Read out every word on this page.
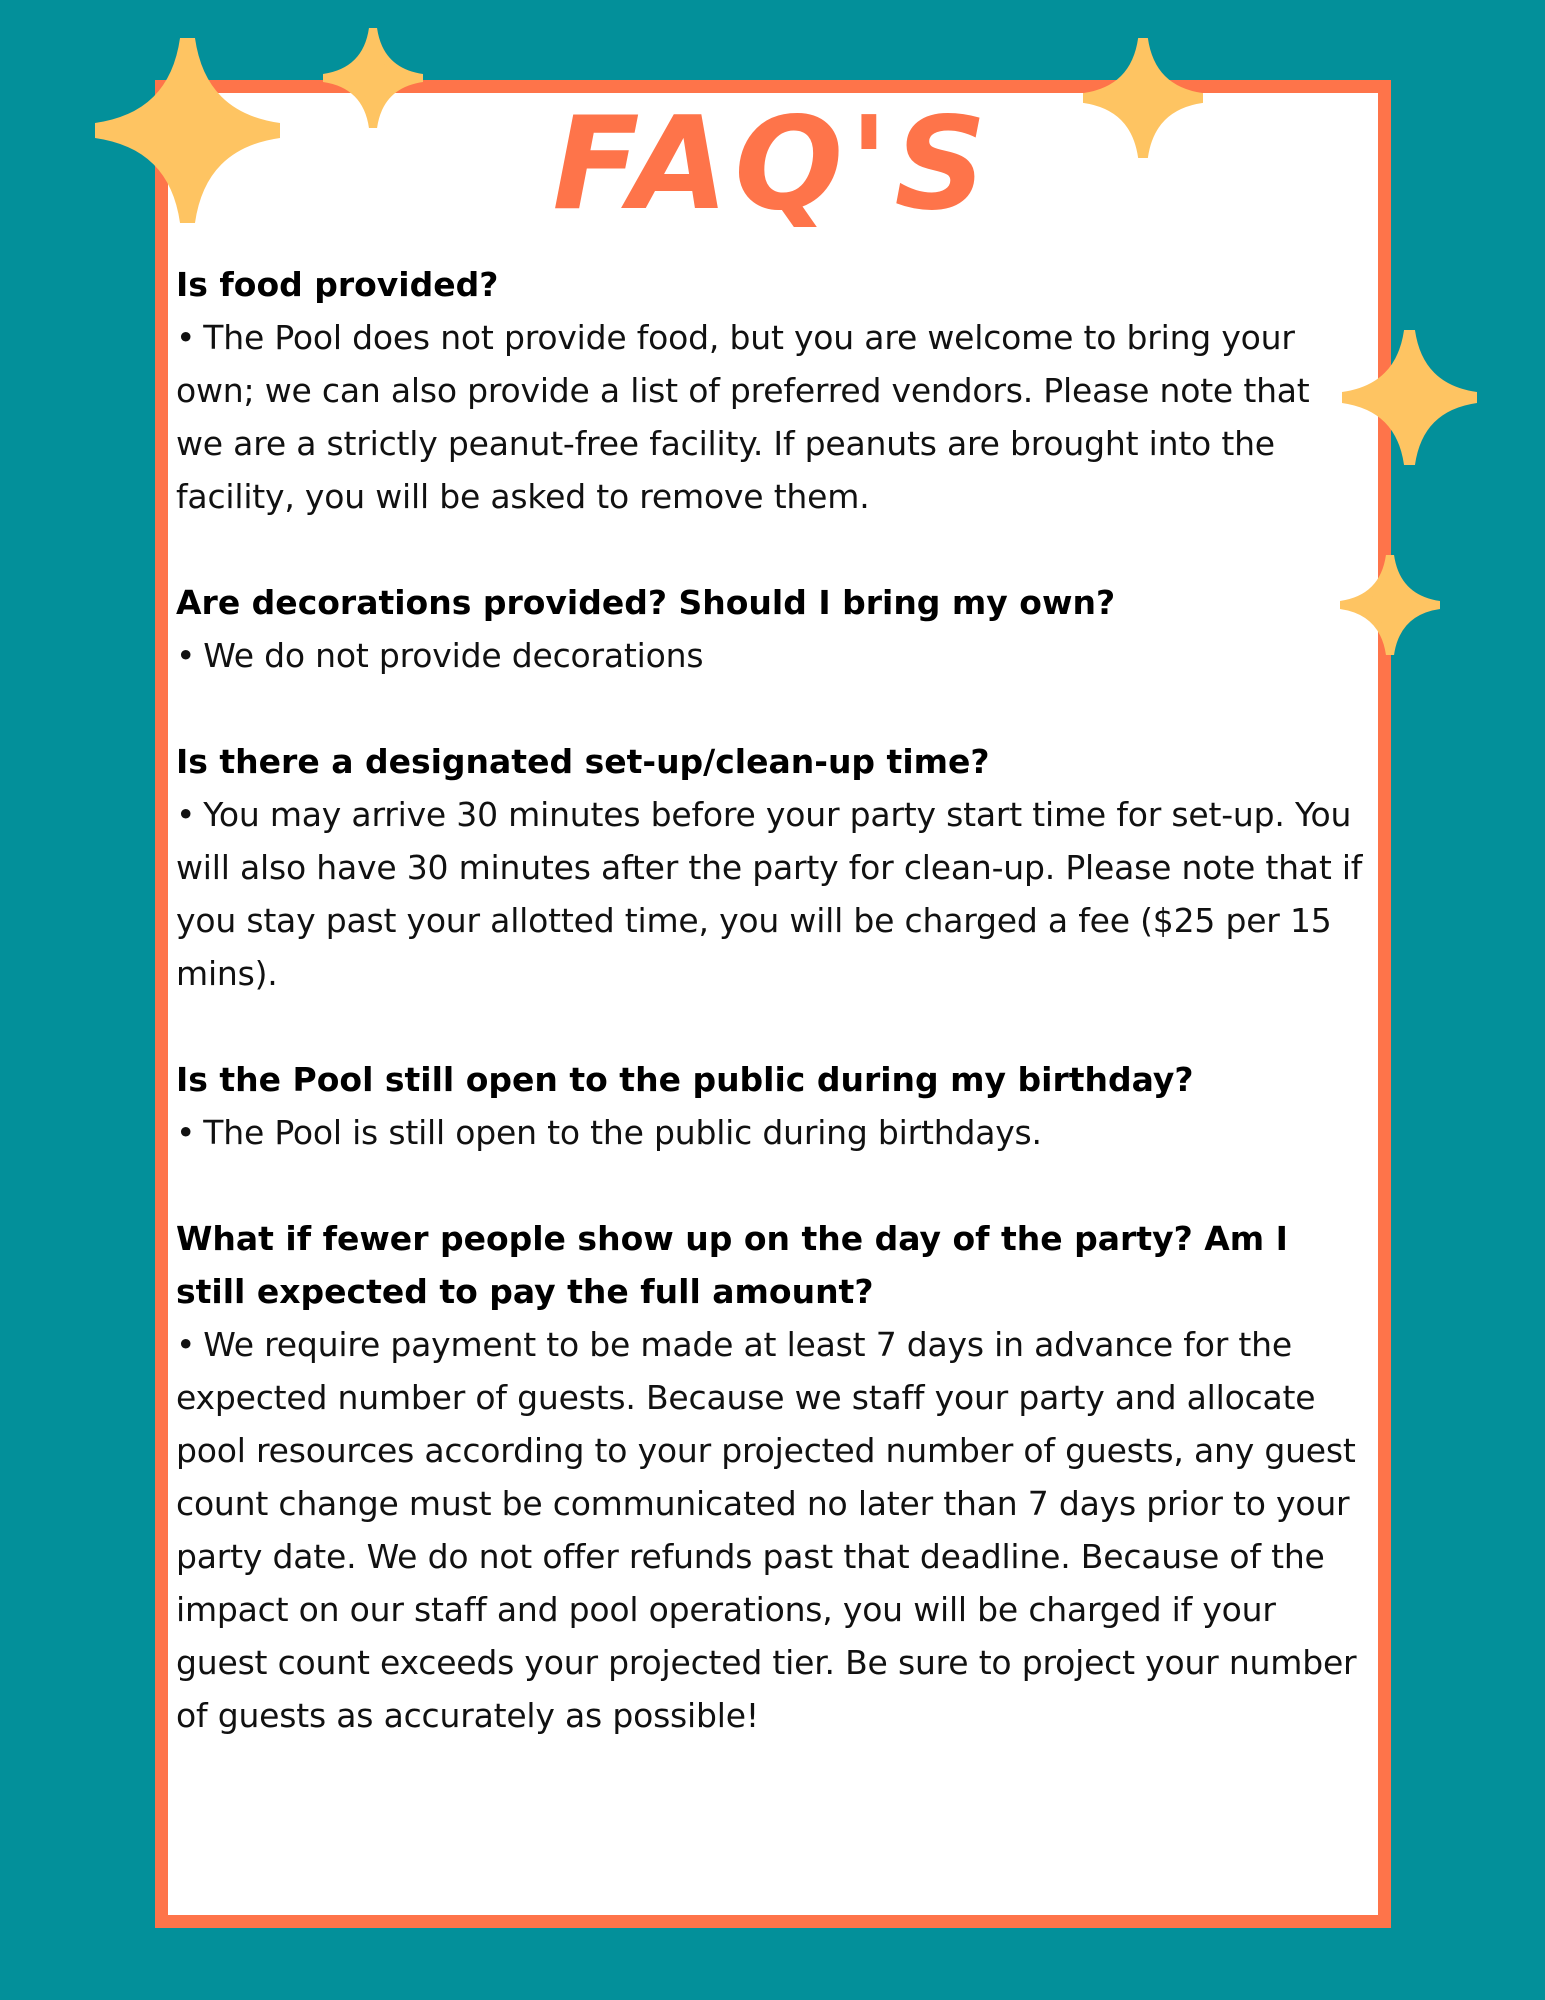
FAQ'S

Is food provided?

• The Pool does not provide food, but you are welcome to bring your own; we can also provide a list of preferred vendors. Please note that we are a strictly peanut-free facility. If peanuts are brought into the facility, you will be asked to remove them.

Are decorations provided? Should I bring my own?

• We do not provide decorations

Is there a designated set-up/clean-up time?

• You may arrive 30 minutes before your party start time for set-up. You will also have 30 minutes after the party for clean-up. Please note that if you stay past your allotted time, you will be charged a fee ($25 per 15 mins).

Is the Pool still open to the public during my birthday?

• The Pool is still open to the public during birthdays.

What if fewer people show up on the day of the party? Am I still expected to pay the full amount?

• We require payment to be made at least 7 days in advance for the expected number of guests. Because we staff your party and allocate pool resources according to your projected number of guests, any guest count change must be communicated no later than 7 days prior to your party date. We do not offer refunds past that deadline. Because of the impact on our staff and pool operations, you will be charged if your guest count exceeds your projected tier. Be sure to project your number of guests as accurately as possible!
